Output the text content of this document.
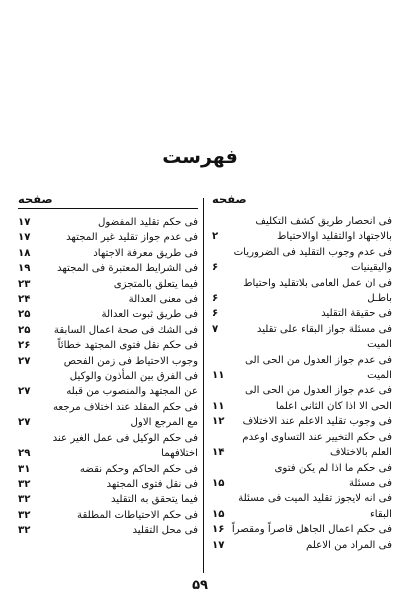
فهرست
صفحه
فى انحصار طريق كشف التكليف
بالاجتهاد اوالتقليد اوالاحتياط
۲
فى عدم وجوب التقليد فى الضروريات
واليقينيات
۶
فى ان عمل العامى بلاتقليد واحتياط
باطـل
۶
فى حقيقة التقليد
۶
فى مسئلة جواز البقاء على تقليد الميت
۷
فى عدم جواز العدول من الحى الى
الميت
۱۱
فى عدم جواز العدول من الحى الى
الحى الا اذا كان الثانى اعلما
۱۱
فى وجوب تقليد الاعلم عند الاختلاف
۱۲
فى حكم التخيير عند التساوى اوعدم
العلم بالاختلاف
۱۴
فى حكم ما اذا لم يكن فتوى
فى مسئلة
۱۵
فى انه لايجوز تقليد الميت فى مسئلة
البقاء
۱۵
فى حكم اعمال الجاهل قاصراً ومقصراً
۱۶
فى المراد من الاعلم
۱۷
صفحه
فى حكم تقليد المفضول
۱۷
فى عدم جواز تقليد غير المجتهد
۱۷
فى طريق معرفة الاجتهاد
۱۸
فى الشرايط المعتبرة فى المجتهد
۱۹
فيما يتعلق بالمتجزى
۲۳
فى معنى العدالة
۲۴
فى طريق ثبوت العدالة
۲۵
فى الشك فى صحة اعمال السابقة
۲۵
فى حكم نقل فتوى المجتهد خطائاً
۲۶
وجوب الاحتياط فى زمن الفحص
۲۷
فى الفرق بين المأذون والوكيل
عن المجتهد والمنصوب من قبله
۲۷
فى حكم المقلد عند اختلاف مرجعه
مع المرجع الاول
۲۷
فى حكم الوكيل فى عمل الغير عند
اختلافهما
۲۹
فى حكم الحاكم وحكم نقضه
۳۱
فى نقل فتوى المجتهد
۳۲
فيما يتحقق به التقليد
۳۲
فى حكم الاحتياطات المطلقة
۳۲
فى محل التقليد
۳۲
۵۹
